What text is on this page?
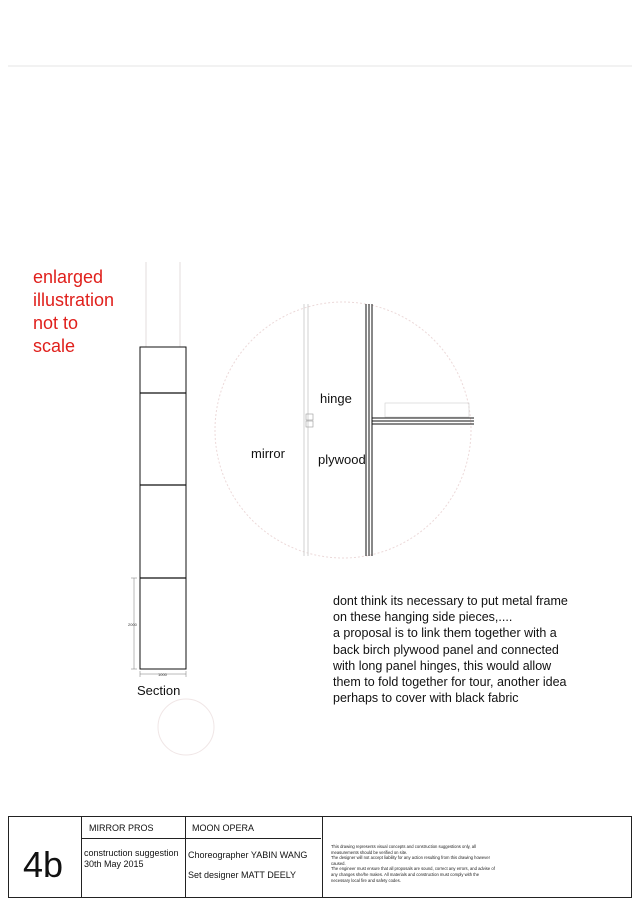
enlarged
illustration
not to
scale
hinge
mirror	plywood
Section
2000
1000
dont think its necessary to put metal frame
on these hanging side pieces,....
a proposal is to link them together with a
back birch plywood panel and connected
with long panel hinges, this would allow
them to fold together for tour, another idea
perhaps to cover with black fabric
4b
MIRROR PROS	MOON OPERA
construction suggestion
30th May 2015
Choreographer YABIN WANG
Set designer MATT DEELY
This drawing represents visual concepts and construction suggestions only, all
measurements should be verified on site.
The designer will not accept liability for any action resulting from this drawing however
caused.
The engineer must ensure that all proposals are sound, correct any errors, and advise of
any changes she/he makes. All materials and construction must comply with the
necessary local fire and safety codes.
